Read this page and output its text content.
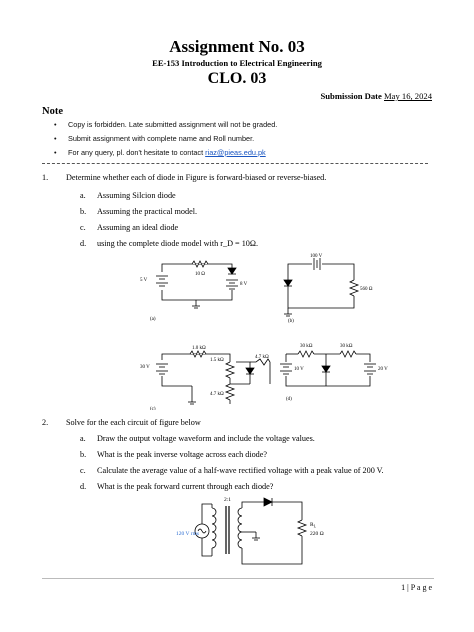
Assignment No. 03
EE-153 Introduction to Electrical Engineering
CLO. 03
Submission Date May 16, 2024
Note
• Copy is forbidden. Late submitted assignment will not be graded.
• Submit assignment with complete name and Roll number.
• For any query, pl. don't hesitate to contact riaz@pieas.edu.pk
1. Determine whether each of diode in Figure is forward-biased or reverse-biased.
a. Assuming Silcion diode
b. Assuming the practical model.
c. Assuming an ideal diode
d. using the complete diode model with r_D = 10Ω.
5 V
10 Ω
8 V
(a)
100 V
560 Ω
(b)
30 V
1.0 kΩ
1.5 kΩ
4.7 kΩ
4.7 kΩ
(c)
30 kΩ	30 kΩ
10 V	20 V
(d)
2. Solve for the each circuit of figure below
a. Draw the output voltage waveform and include the voltage values.
b. What is the peak inverse voltage across each diode?
c. Calculate the average value of a half-wave rectified voltage with a peak value of 200 V.
d. What is the peak forward current through each diode?
2:1
120 V rms
$R_L$
220 Ω
1 | P a g e
